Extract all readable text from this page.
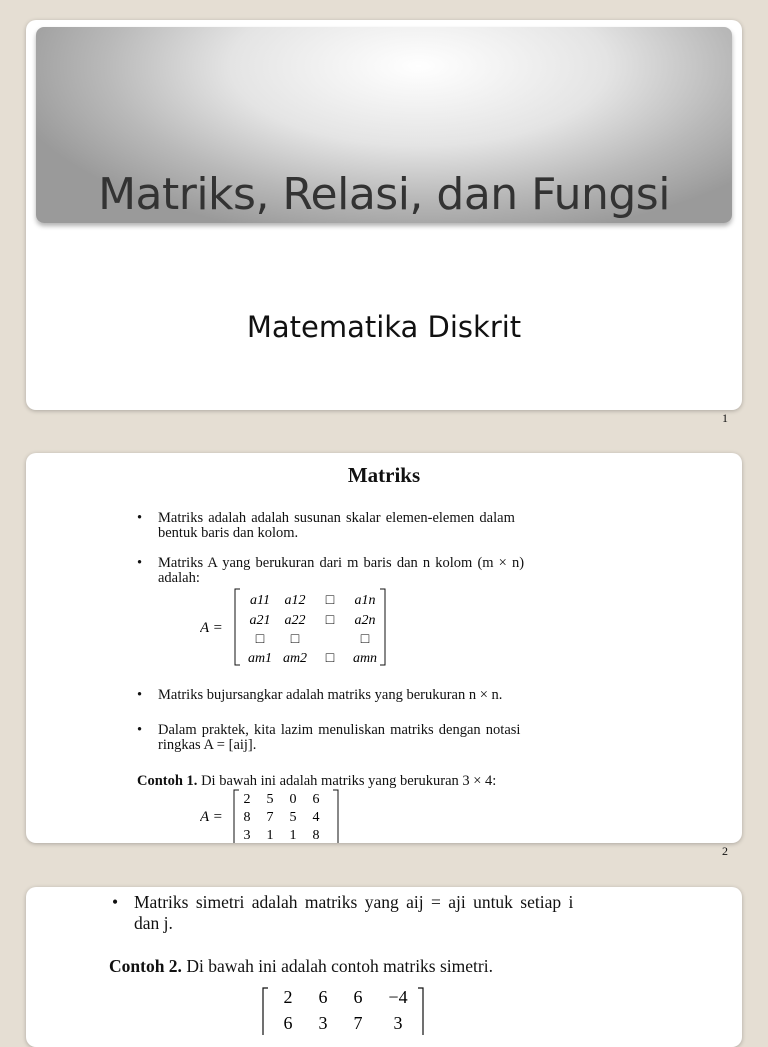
Matriks, Relasi, dan Fungsi
Matematika Diskrit
1
Matriks
• Matriks adalah adalah susunan skalar elemen-elemen dalam
bentuk baris dan kolom.
• Matriks A yang berukuran dari m baris dan n kolom (m × n)
adalah:
A =
a11 a12 □ a1n
a21 a22 □ a2n
□ □	□
am1 am2 □ amn
• Matriks bujursangkar adalah matriks yang berukuran n × n.
• Dalam praktek, kita lazim menuliskan matriks dengan notasi
ringkas A = [aij].
Contoh 1. Di bawah ini adalah matriks yang berukuran 3 × 4:
A =
2 5 0 6
8 7 5 4
3 1 1 8
2
• Matriks simetri adalah matriks yang aij = aji untuk setiap i
dan j.
Contoh 2. Di bawah ini adalah contoh matriks simetri.
2 6 6 −4
6 3 7 3
